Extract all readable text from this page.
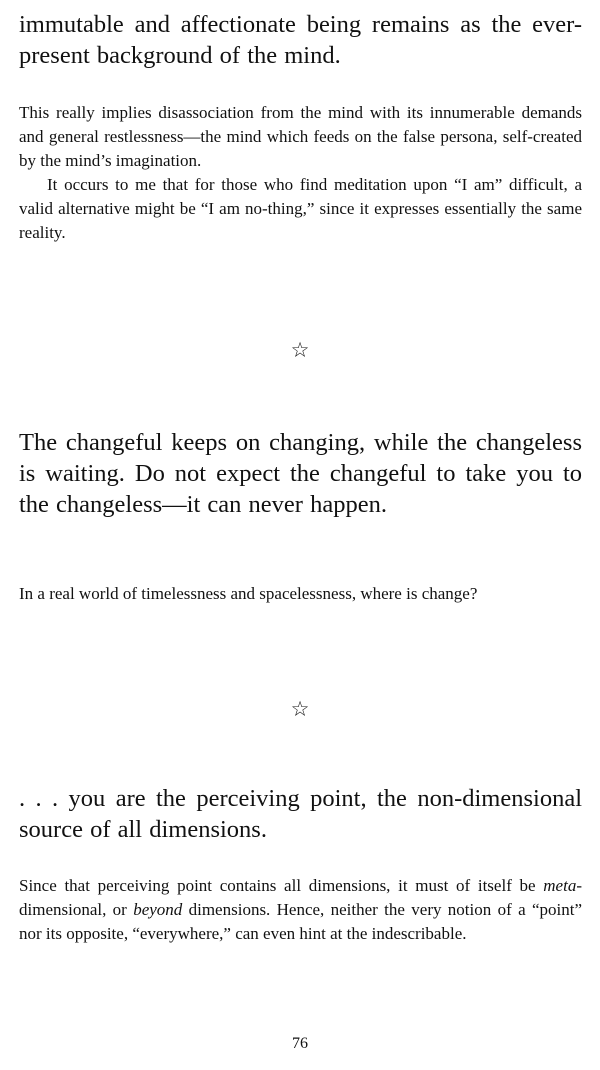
immutable and affectionate being remains as the ever-present background of the mind.

This really implies disassociation from the mind with its innumerable demands and general restlessness—the mind which feeds on the false persona, self-created by the mind’s imagination.

It occurs to me that for those who find meditation upon “I am” difficult, a valid alternative might be “I am no-thing,” since it expresses essentially the same reality.

☆

The changeful keeps on changing, while the changeless is waiting. Do not expect the changeful to take you to the changeless—it can never happen.

In a real world of timelessness and spacelessness, where is change?

☆

. . . you are the perceiving point, the non-dimensional source of all dimensions.

Since that perceiving point contains all dimensions, it must of itself be meta-dimensional, or beyond dimensions. Hence, neither the very notion of a “point” nor its opposite, “everywhere,” can even hint at the indescribable.

76
